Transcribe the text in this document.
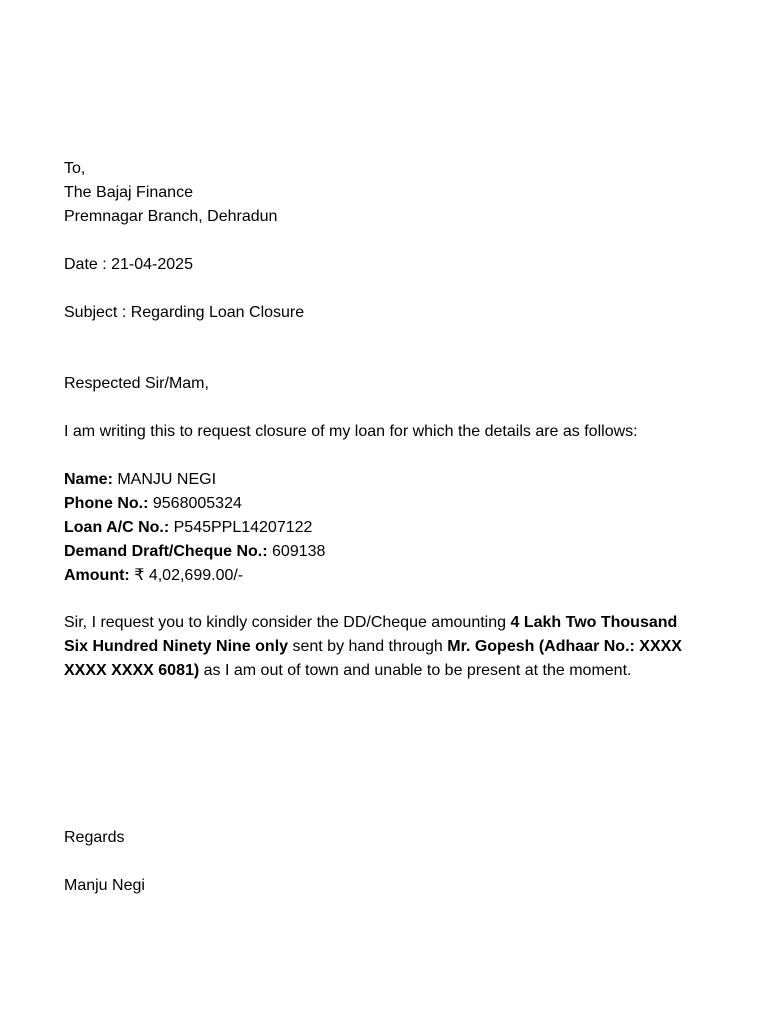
To,
The Bajaj Finance
Premnagar Branch, Dehradun
Date : 21-04-2025
Subject : Regarding Loan Closure
Respected Sir/Mam,
I am writing this to request closure of my loan for which the details are as follows:
Name: MANJU NEGI
Phone No.: 9568005324
Loan A/C No.: P545PPL14207122
Demand Draft/Cheque No.: 609138
Amount: ₹ 4,02,699.00/-
Sir, I request you to kindly consider the DD/Cheque amounting 4 Lakh Two Thousand Six Hundred Ninety Nine only sent by hand through Mr. Gopesh (Adhaar No.: XXXX XXXX XXXX 6081) as I am out of town and unable to be present at the moment.
Regards
Manju Negi
